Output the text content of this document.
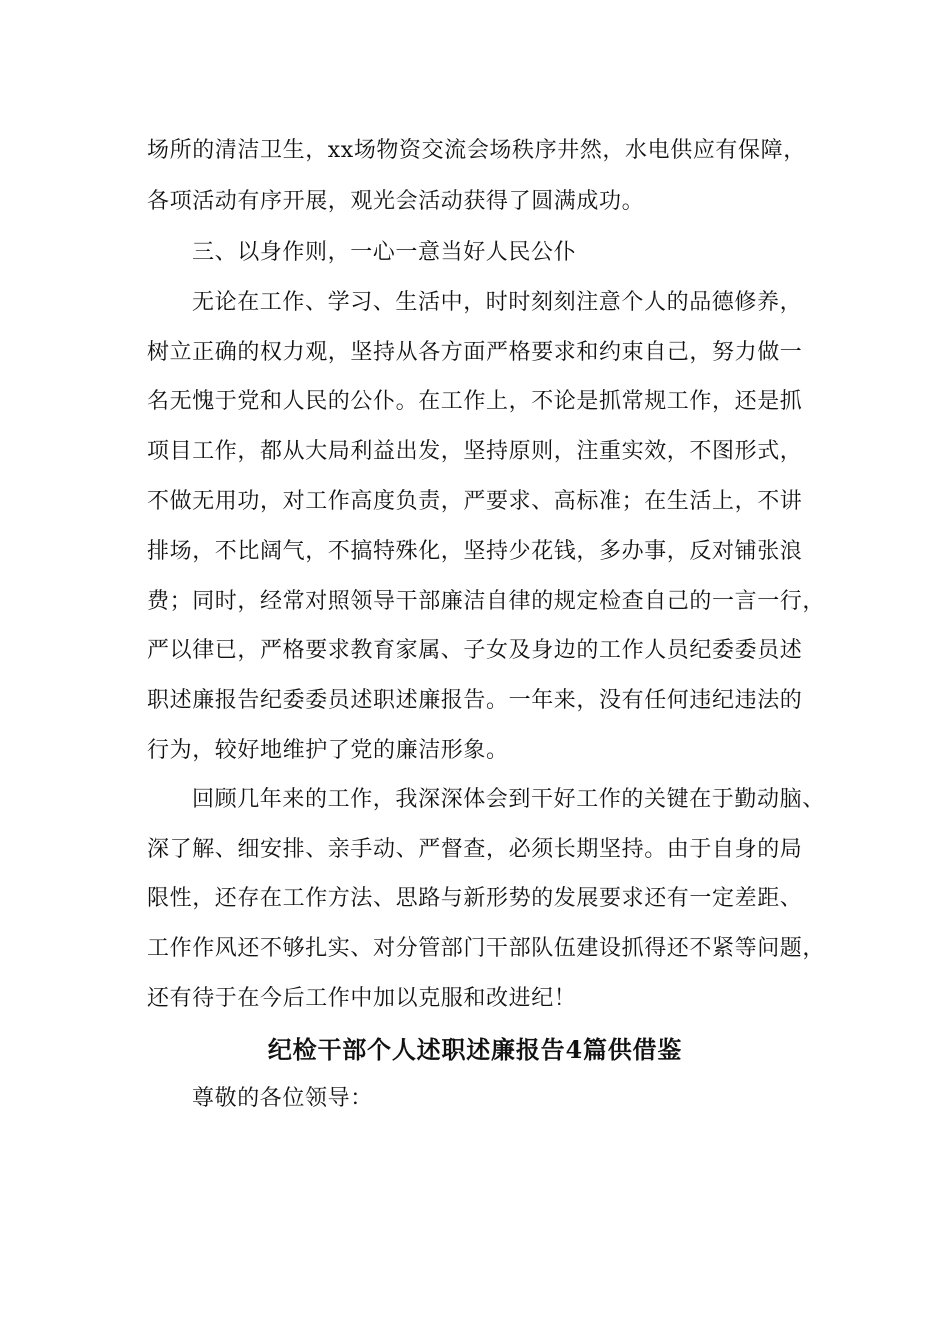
场所的清洁卫生，xx场物资交流会场秩序井然，水电供应有保障，
各项活动有序开展，观光会活动获得了圆满成功。
三、以身作则，一心一意当好人民公仆
无论在工作、学习、生活中，时时刻刻注意个人的品德修养，
树立正确的权力观，坚持从各方面严格要求和约束自己，努力做一
名无愧于党和人民的公仆。在工作上，不论是抓常规工作，还是抓
项目工作，都从大局利益出发，坚持原则，注重实效，不图形式，
不做无用功，对工作高度负责，严要求、高标准；在生活上，不讲
排场，不比阔气，不搞特殊化，坚持少花钱，多办事，反对铺张浪
费；同时，经常对照领导干部廉洁自律的规定检查自己的一言一行，
严以律已，严格要求教育家属、子女及身边的工作人员纪委委员述
职述廉报告纪委委员述职述廉报告。一年来，没有任何违纪违法的
行为，较好地维护了党的廉洁形象。
回顾几年来的工作，我深深体会到干好工作的关键在于勤动脑、
深了解、细安排、亲手动、严督查，必须长期坚持。由于自身的局
限性，还存在工作方法、思路与新形势的发展要求还有一定差距、
工作作风还不够扎实、对分管部门干部队伍建设抓得还不紧等问题，
还有待于在今后工作中加以克服和改进纪！
纪检干部个人述职述廉报告4篇供借鉴
尊敬的各位领导：
